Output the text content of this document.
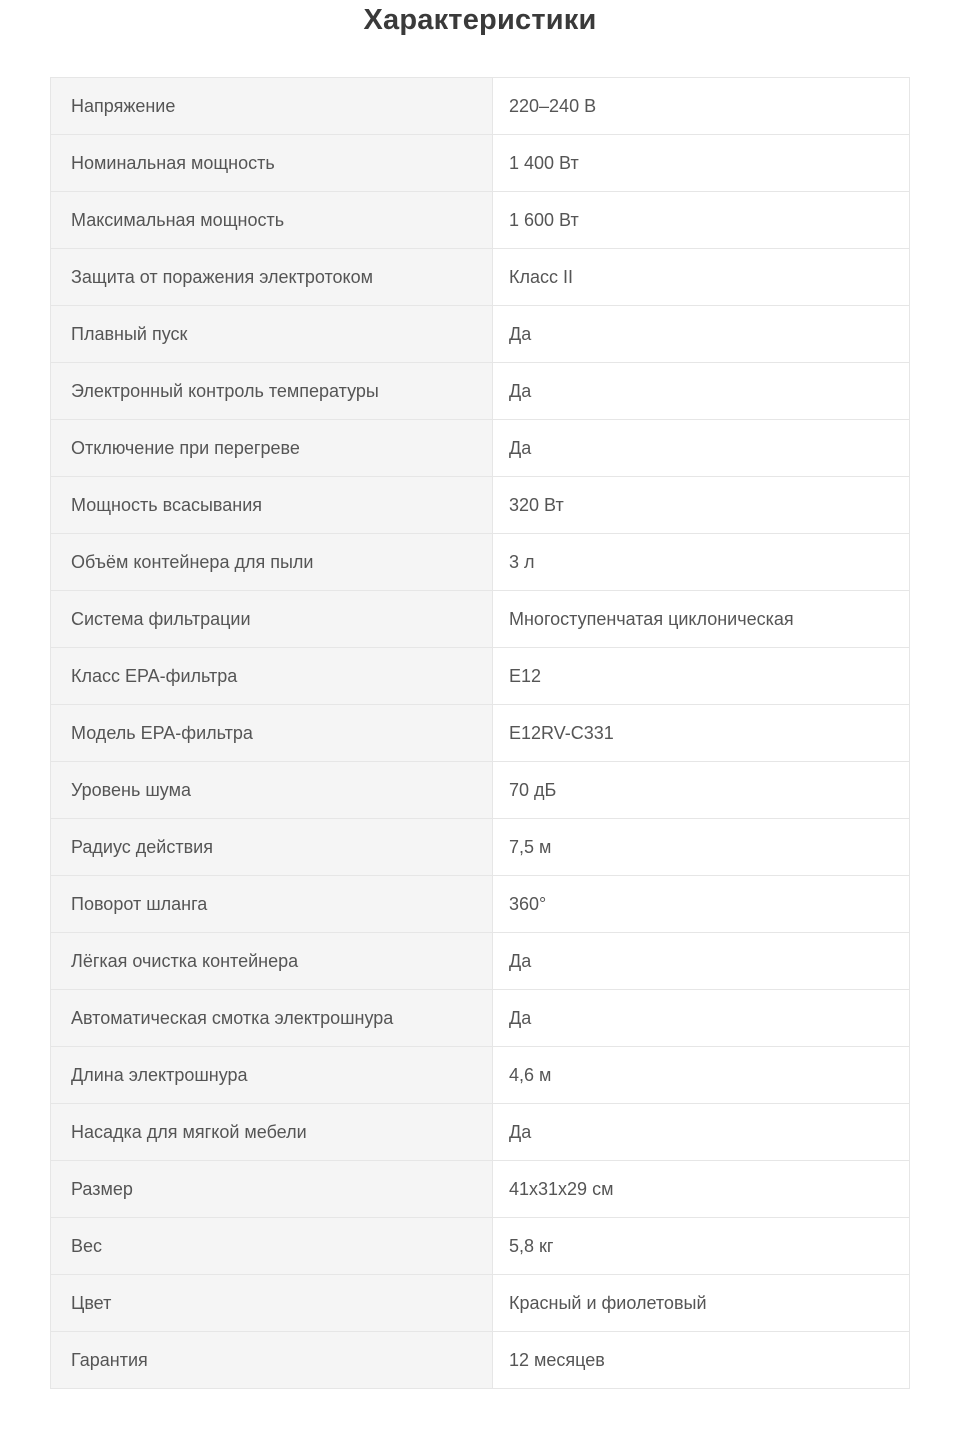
Характеристики
Напряжение	220–240 В
Номинальная мощность	1 400 Вт
Максимальная мощность	1 600 Вт
Защита от поражения электротоком	Класс II
Плавный пуск	Да
Электронный контроль температуры	Да
Отключение при перегреве	Да
Мощность всасывания	320 Вт
Объём контейнера для пыли	3 л
Система фильтрации	Многоступенчатая циклоническая
Класс EPA-фильтра	E12
Модель EPA-фильтра	E12RV-C331
Уровень шума	70 дБ
Радиус действия	7,5 м
Поворот шланга	360°
Лёгкая очистка контейнера	Да
Автоматическая смотка электрошнура	Да
Длина электрошнура	4,6 м
Насадка для мягкой мебели	Да
Размер	41x31x29 см
Вес	5,8 кг
Цвет	Красный и фиолетовый
Гарантия	12 месяцев
